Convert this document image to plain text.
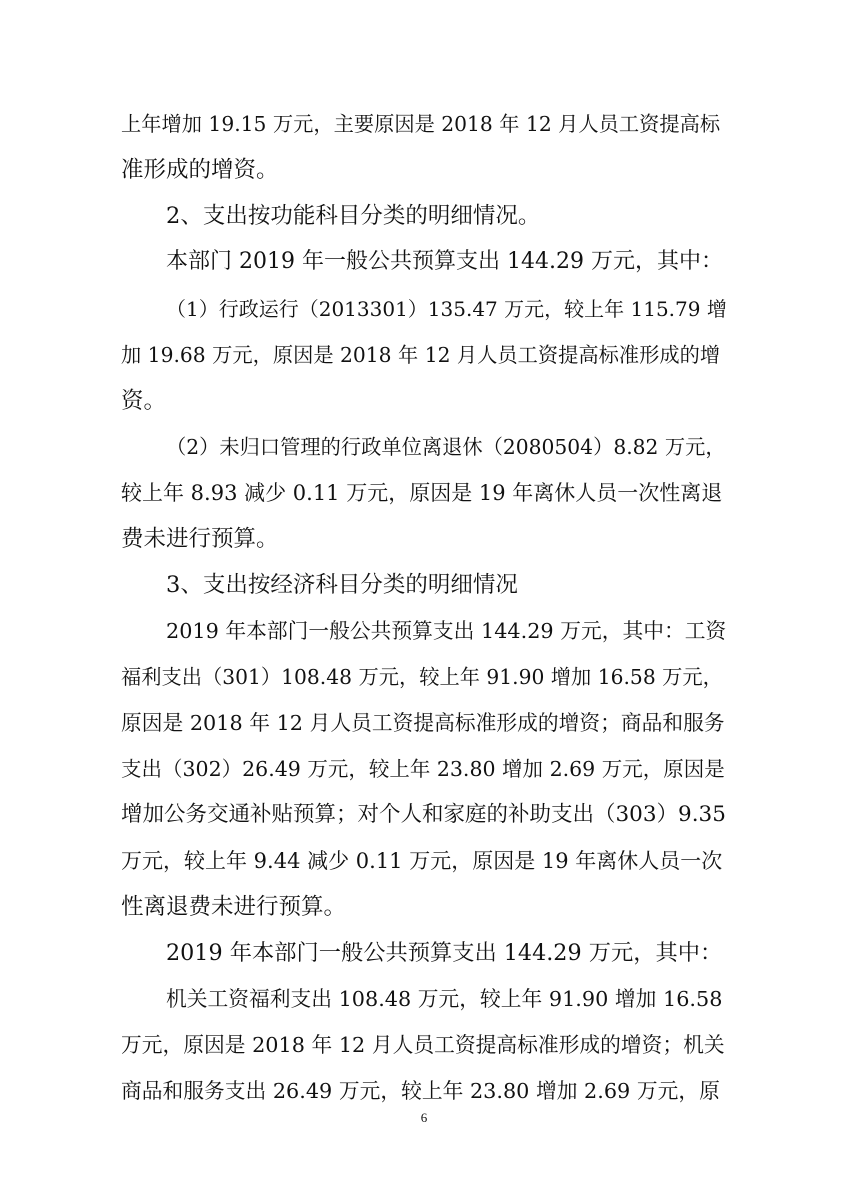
上年增加 19.15 万元，主要原因是 2018 年 12 月人员工资提高标
准形成的增资。
2、支出按功能科目分类的明细情况。
本部门 2019 年一般公共预算支出 144.29 万元，其中：
（1）行政运行（2013301）135.47 万元，较上年 115.79 增
加 19.68 万元，原因是 2018 年 12 月人员工资提高标准形成的增
资。
（2）未归口管理的行政单位离退休（2080504）8.82 万元，
较上年 8.93 减少 0.11 万元，原因是 19 年离休人员一次性离退
费未进行预算。
3、支出按经济科目分类的明细情况
2019 年本部门一般公共预算支出 144.29 万元，其中：工资
福利支出（301）108.48 万元，较上年 91.90 增加 16.58 万元，
原因是 2018 年 12 月人员工资提高标准形成的增资；商品和服务
支出（302）26.49 万元，较上年 23.80 增加 2.69 万元，原因是
增加公务交通补贴预算；对个人和家庭的补助支出（303）9.35
万元，较上年 9.44 减少 0.11 万元，原因是 19 年离休人员一次
性离退费未进行预算。
2019 年本部门一般公共预算支出 144.29 万元，其中：
机关工资福利支出 108.48 万元，较上年 91.90 增加 16.58
万元，原因是 2018 年 12 月人员工资提高标准形成的增资；机关
商品和服务支出 26.49 万元，较上年 23.80 增加 2.69 万元，原
6
